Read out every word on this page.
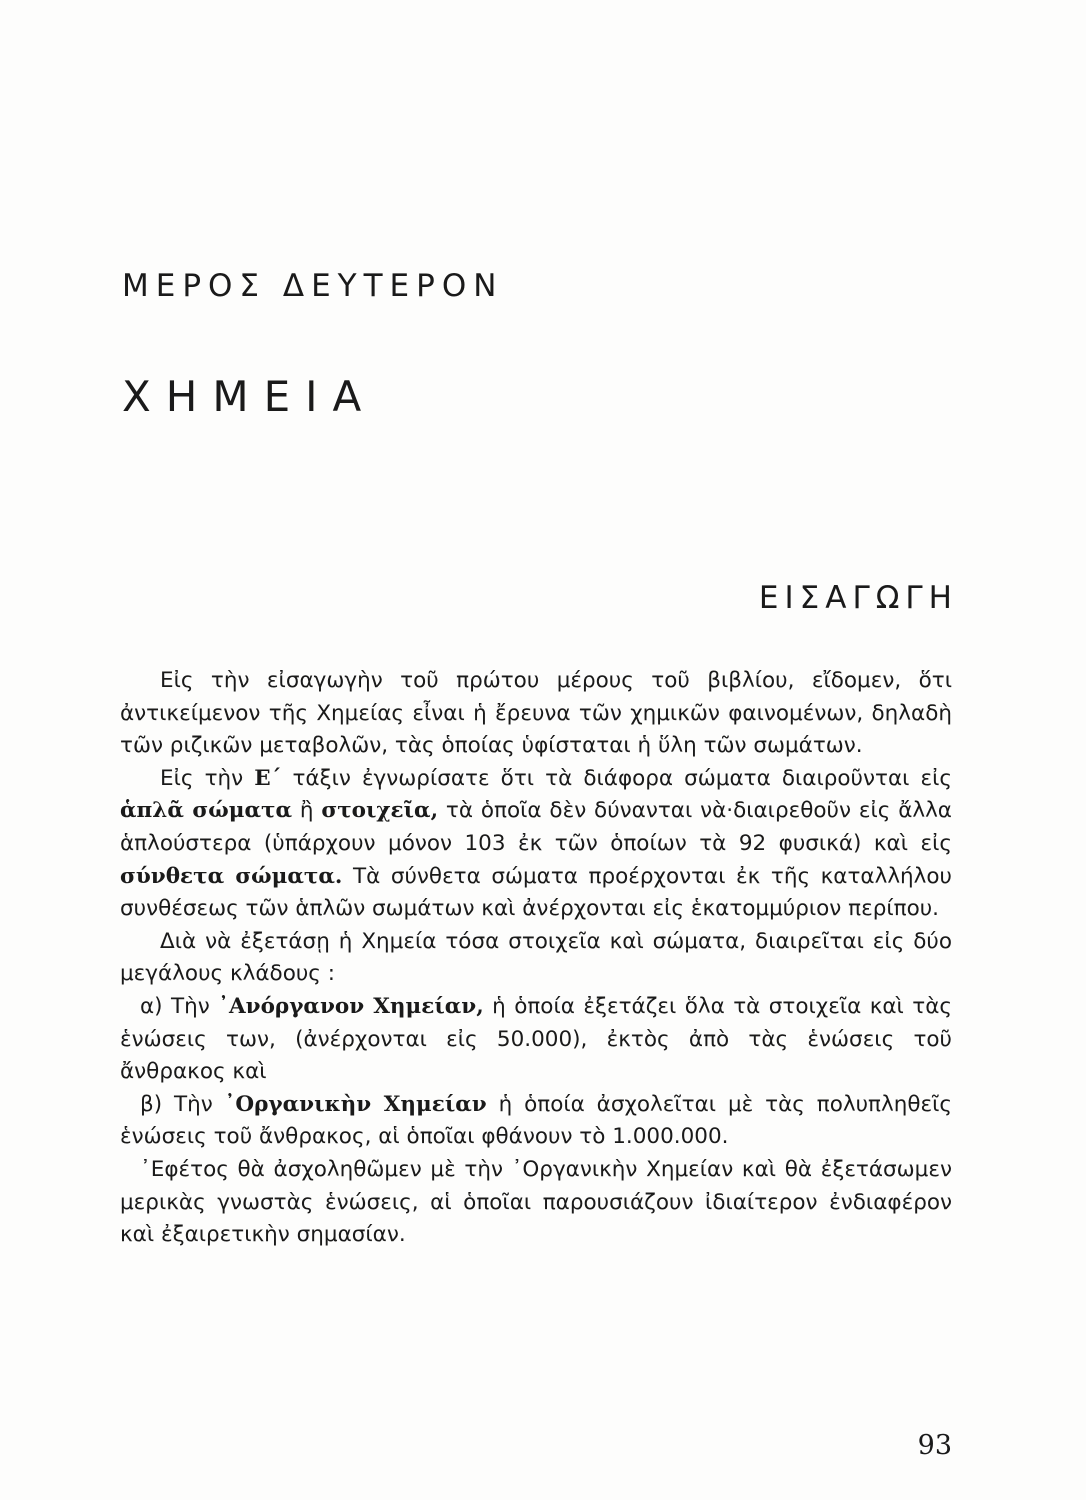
ΜΕΡΟΣ ΔΕΥΤΕΡΟΝ
ΧΗΜΕΙΑ
ΕΙΣΑΓΩΓΗ

Εἰς τὴν εἰσαγωγὴν τοῦ πρώτου μέρους τοῦ βιβλίου, εἴδομεν, ὅτι ἀντικείμενον τῆς Χημείας εἶναι ἡ ἔρευνα τῶν χημικῶν φαινομένων, δηλαδὴ τῶν ριζικῶν μεταβολῶν, τὰς ὁποίας ὑφίσταται ἡ ὕλη τῶν σωμάτων.

Εἰς τὴν Ε΄ τάξιν ἐγνωρίσατε ὅτι τὰ διάφορα σώματα διαιροῦνται εἰς ἁπλᾶ σώματα ἢ στοιχεῖα, τὰ ὁποῖα δὲν δύνανται νὰ·διαιρεθοῦν εἰς ἄλλα ἁπλούστερα (ὑπάρχουν μόνον 103 ἐκ τῶν ὁποίων τὰ 92 φυσικά) καὶ εἰς σύνθετα σώματα. Τὰ σύνθετα σώματα προέρχονται ἐκ τῆς καταλλήλου συνθέσεως τῶν ἁπλῶν σωμάτων καὶ ἀνέρχονται εἰς ἑκατομμύριον περίπου.

Διὰ νὰ ἐξετάσῃ ἡ Χημεία τόσα στοιχεῖα καὶ σώματα, διαιρεῖται εἰς δύο μεγάλους κλάδους :

α) Τὴν ᾿Ανόργανον Χημείαν, ἡ ὁποία ἐξετάζει ὅλα τὰ στοιχεῖα καὶ τὰς ἑνώσεις των, (ἀνέρχονται εἰς 50.000), ἐκτὸς ἀπὸ τὰς ἑνώσεις τοῦ ἄνθρακος καὶ

β) Τὴν ᾿Οργανικὴν Χημείαν ἡ ὁποία ἀσχολεῖται μὲ τὰς πολυπληθεῖς ἑνώσεις τοῦ ἄνθρακος, αἱ ὁποῖαι φθάνουν τὸ 1.000.000.

᾿Εφέτος θὰ ἀσχοληθῶμεν μὲ τὴν ᾿Οργανικὴν Χημείαν καὶ θὰ ἐξετάσωμεν μερικὰς γνωστὰς ἑνώσεις, αἱ ὁποῖαι παρουσιάζουν ἰδιαίτερον ἐνδιαφέρον καὶ ἐξαιρετικὴν σημασίαν.

93
